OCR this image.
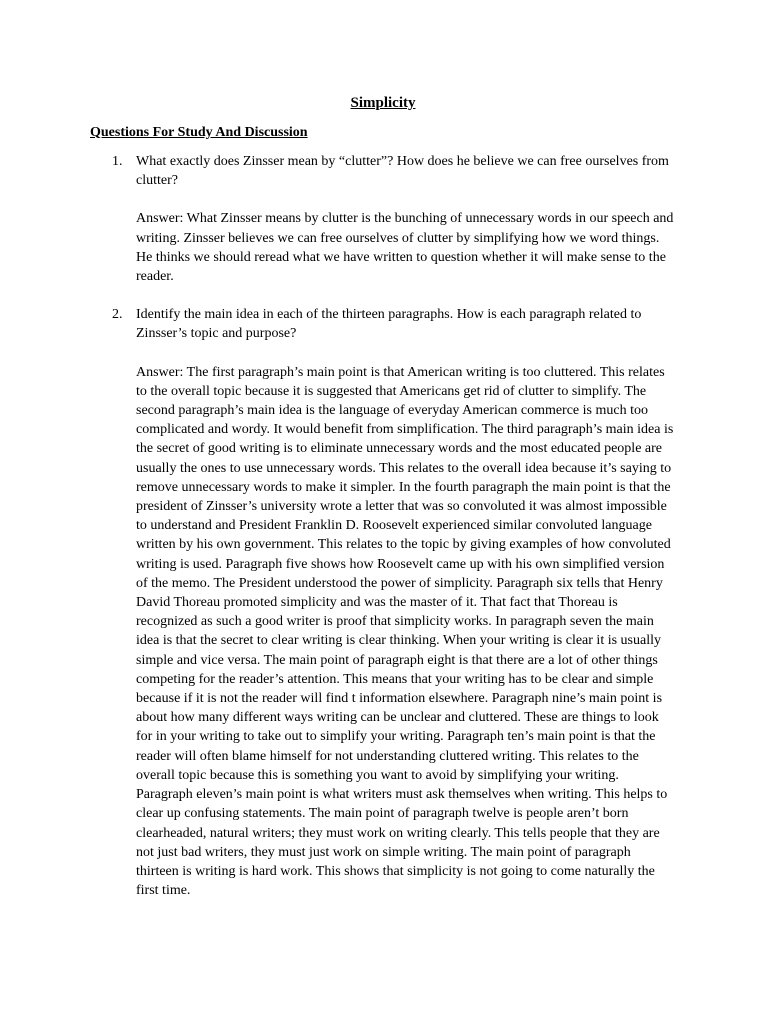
Simplicity
Questions For Study And Discussion
1. What exactly does Zinsser mean by “clutter”? How does he believe we can free ourselves from clutter?

Answer: What Zinsser means by clutter is the bunching of unnecessary words in our speech and writing. Zinsser believes we can free ourselves of clutter by simplifying how we word things. He thinks we should reread what we have written to question whether it will make sense to the reader.

2. Identify the main idea in each of the thirteen paragraphs. How is each paragraph related to Zinsser’s topic and purpose?

Answer: The first paragraph’s main point is that American writing is too cluttered. This relates to the overall topic because it is suggested that Americans get rid of clutter to simplify. The second paragraph’s main idea is the language of everyday American commerce is much too complicated and wordy. It would benefit from simplification. The third paragraph’s main idea is the secret of good writing is to eliminate unnecessary words and the most educated people are usually the ones to use unnecessary words. This relates to the overall idea because it’s saying to remove unnecessary words to make it simpler. In the fourth paragraph the main point is that the president of Zinsser’s university wrote a letter that was so convoluted it was almost impossible to understand and President Franklin D. Roosevelt experienced similar convoluted language written by his own government. This relates to the topic by giving examples of how convoluted writing is used. Paragraph five shows how Roosevelt came up with his own simplified version of the memo. The President understood the power of simplicity. Paragraph six tells that Henry David Thoreau promoted simplicity and was the master of it. That fact that Thoreau is recognized as such a good writer is proof that simplicity works. In paragraph seven the main idea is that the secret to clear writing is clear thinking. When your writing is clear it is usually simple and vice versa. The main point of paragraph eight is that there are a lot of other things competing for the reader’s attention. This means that your writing has to be clear and simple because if it is not the reader will find t information elsewhere. Paragraph nine’s main point is about how many different ways writing can be unclear and cluttered. These are things to look for in your writing to take out to simplify your writing. Paragraph ten’s main point is that the reader will often blame himself for not understanding cluttered writing. This relates to the overall topic because this is something you want to avoid by simplifying your writing. Paragraph eleven’s main point is what writers must ask themselves when writing. This helps to clear up confusing statements. The main point of paragraph twelve is people aren’t born clearheaded, natural writers; they must work on writing clearly. This tells people that they are not just bad writers, they must just work on simple writing. The main point of paragraph thirteen is writing is hard work. This shows that simplicity is not going to come naturally the first time.
